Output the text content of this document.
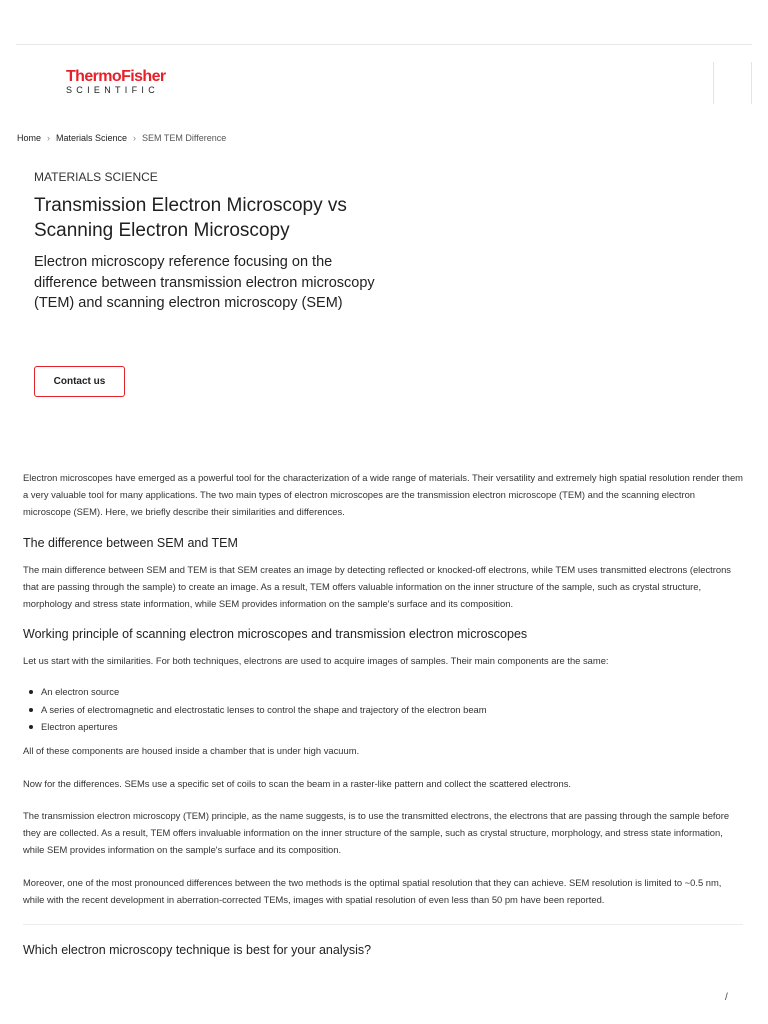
ThermoFisher
SCIENTIFIC
Home › Materials Science › SEM TEM Difference

MATERIALS SCIENCE

Transmission Electron Microscopy vs Scanning Electron Microscopy

Electron microscopy reference focusing on the difference between transmission electron microscopy (TEM) and scanning electron microscopy (SEM)

Contact us

Electron microscopes have emerged as a powerful tool for the characterization of a wide range of materials. Their versatility and extremely high spatial resolution render them a very valuable tool for many applications. The two main types of electron microscopes are the transmission electron microscope (TEM) and the scanning electron microscope (SEM). Here, we briefly describe their similarities and differences.

The difference between SEM and TEM

The main difference between SEM and TEM is that SEM creates an image by detecting reflected or knocked-off electrons, while TEM uses transmitted electrons (electrons that are passing through the sample) to create an image. As a result, TEM offers valuable information on the inner structure of the sample, such as crystal structure, morphology and stress state information, while SEM provides information on the sample's surface and its composition.

Working principle of scanning electron microscopes and transmission electron microscopes

Let us start with the similarities. For both techniques, electrons are used to acquire images of samples. Their main components are the same:

An electron source
A series of electromagnetic and electrostatic lenses to control the shape and trajectory of the electron beam
Electron apertures

All of these components are housed inside a chamber that is under high vacuum.

Now for the differences. SEMs use a specific set of coils to scan the beam in a raster-like pattern and collect the scattered electrons.

The transmission electron microscopy (TEM) principle, as the name suggests, is to use the transmitted electrons, the electrons that are passing through the sample before they are collected. As a result, TEM offers invaluable information on the inner structure of the sample, such as crystal structure, morphology, and stress state information, while SEM provides information on the sample's surface and its composition.

Moreover, one of the most pronounced differences between the two methods is the optimal spatial resolution that they can achieve. SEM resolution is limited to ~0.5 nm, while with the recent development in aberration-corrected TEMs, images with spatial resolution of even less than 50 pm have been reported.

Which electron microscopy technique is best for your analysis?
/
